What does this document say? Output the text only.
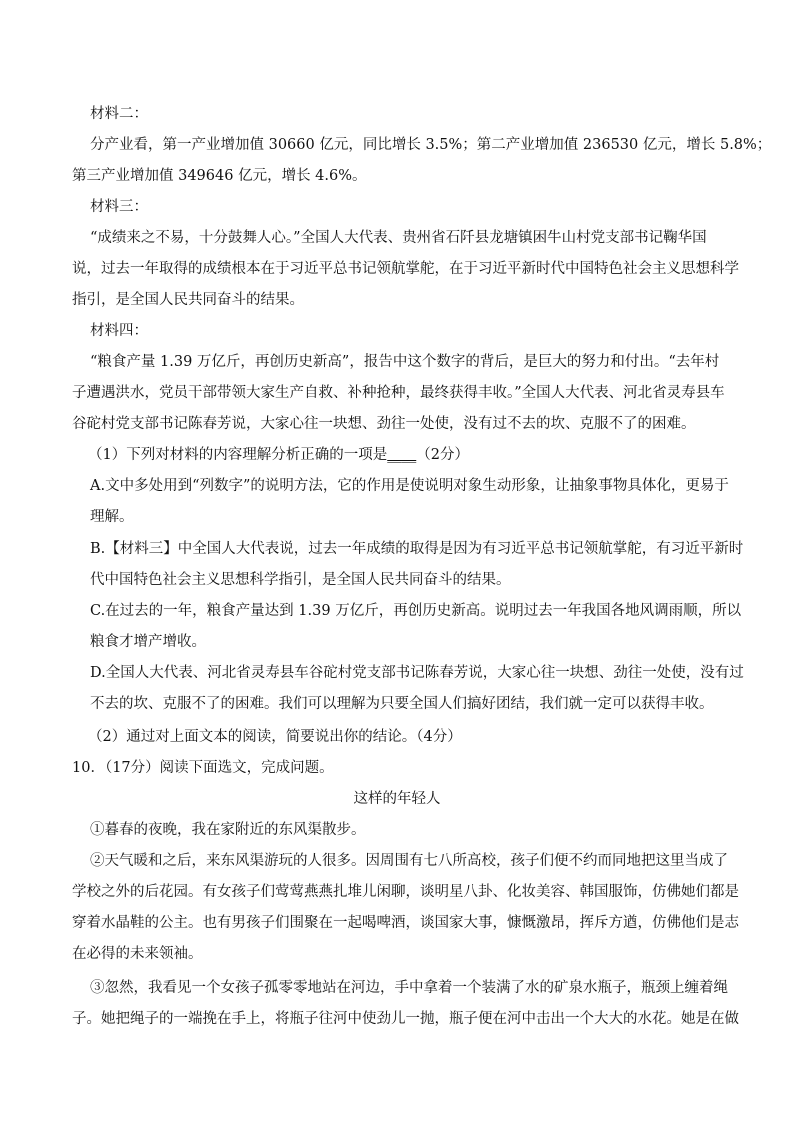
材料二：
分产业看，第一产业增加值 30660 亿元，同比增长 3.5%；第二产业增加值 236530 亿元，增长 5.8%；
第三产业增加值 349646 亿元，增长 4.6%。
材料三：
“成绩来之不易，十分鼓舞人心。”全国人大代表、贵州省石阡县龙塘镇困牛山村党支部书记鞠华国
说，过去一年取得的成绩根本在于习近平总书记领航掌舵，在于习近平新时代中国特色社会主义思想科学
指引，是全国人民共同奋斗的结果。
材料四：
“粮食产量 1.39 万亿斤，再创历史新高”，报告中这个数字的背后，是巨大的努力和付出。“去年村
子遭遇洪水，党员干部带领大家生产自救、补种抢种，最终获得丰收。”全国人大代表、河北省灵寿县车
谷砣村党支部书记陈春芳说，大家心往一块想、劲往一处使，没有过不去的坎、克服不了的困难。
（1）下列对材料的内容理解分析正确的一项是____（2分）
A.文中多处用到“列数字”的说明方法，它的作用是使说明对象生动形象，让抽象事物具体化，更易于
理解。
B.【材料三】中全国人大代表说，过去一年成绩的取得是因为有习近平总书记领航掌舵，有习近平新时
代中国特色社会主义思想科学指引，是全国人民共同奋斗的结果。
C.在过去的一年，粮食产量达到 1.39 万亿斤，再创历史新高。说明过去一年我国各地风调雨顺，所以
粮食才增产增收。
D.全国人大代表、河北省灵寿县车谷砣村党支部书记陈春芳说，大家心往一块想、劲往一处使，没有过
不去的坎、克服不了的困难。我们可以理解为只要全国人们搞好团结，我们就一定可以获得丰收。
（2）通过对上面文本的阅读，简要说出你的结论。（4分）
10．（17分）阅读下面选文，完成问题。
这样的年轻人
①暮春的夜晚，我在家附近的东风渠散步。
②天气暖和之后，来东风渠游玩的人很多。因周围有七八所高校，孩子们便不约而同地把这里当成了
学校之外的后花园。有女孩子们莺莺燕燕扎堆儿闲聊，谈明星八卦、化妆美容、韩国服饰，仿佛她们都是
穿着水晶鞋的公主。也有男孩子们围聚在一起喝啤酒，谈国家大事，慷慨激昂，挥斥方遒，仿佛他们是志
在必得的未来领袖。
③忽然，我看见一个女孩子孤零零地站在河边，手中拿着一个装满了水的矿泉水瓶子，瓶颈上缠着绳
子。她把绳子的一端挽在手上，将瓶子往河中使劲儿一抛，瓶子便在河中击出一个大大的水花。她是在做
